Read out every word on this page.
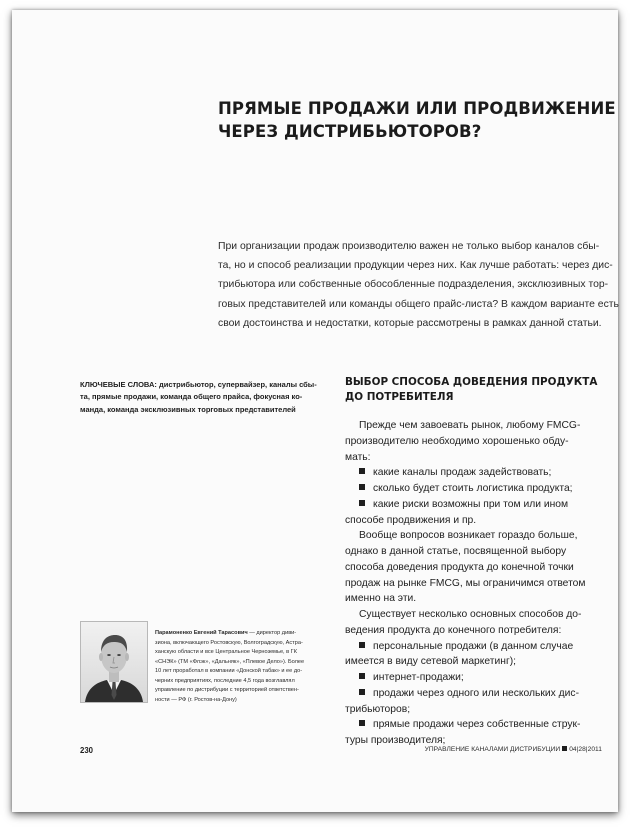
ПРЯМЫЕ ПРОДАЖИ ИЛИ ПРОДВИЖЕНИЕ
ЧЕРЕЗ ДИСТРИБЬЮТОРОВ?
При организации продаж производителю важен не только выбор каналов сбы-
та, но и способ реализации продукции через них. Как лучше работать: через дис-
трибьютора или собственные обособленные подразделения, эксклюзивных тор-
говых представителей или команды общего прайс-листа? В каждом варианте есть
свои достоинства и недостатки, которые рассмотрены в рамках данной статьи.
КЛЮЧЕВЫЕ СЛОВА: дистрибьютор, супервайзер, каналы сбы-
та, прямые продажи, команда общего прайса, фокусная ко-
манда, команда эксклюзивных торговых представителей
ВЫБОР СПОСОБА ДОВЕДЕНИЯ ПРОДУКТА
ДО ПОТРЕБИТЕЛЯ
Прежде чем завоевать рынок, любому FMCG-
производителю необходимо хорошенько обду-
мать:
какие каналы продаж задействовать;
сколько будет стоить логистика продукта;
какие риски возможны при том или ином
способе продвижения и пр.
Вообще вопросов возникает гораздо больше,
однако в данной статье, посвященной выбору
способа доведения продукта до конечной точки
продаж на рынке FMCG, мы ограничимся ответом
именно на эти.
Существует несколько основных способов до-
ведения продукта до конечного потребителя:
персональные продажи (в данном случае
имеется в виду сетевой маркетинг);
интернет-продажи;
продажи через одного или нескольких дис-
трибьюторов;
прямые продажи через собственные струк-
туры производителя;
Парамоненко Евгений Тарасович — директор диви-
зиона, включающего Ростовскую, Волгоградскую, Астра-
ханскую области и все Центральное Черноземье, в ГК
«СНЭК» (ТМ «Флэк», «Дальняк», «Плевое Дело»). Более
10 лет проработал в компании «Донской табак» и ее до-
черних предприятиях, последние 4,5 года возглавлял
управление по дистрибуции с территорией ответствен-
ности — РФ (г. Ростов-на-Дону)
230	УПРАВЛЕНИЕ КАНАЛАМИ ДИСТРИБУЦИИ 04|28|2011
